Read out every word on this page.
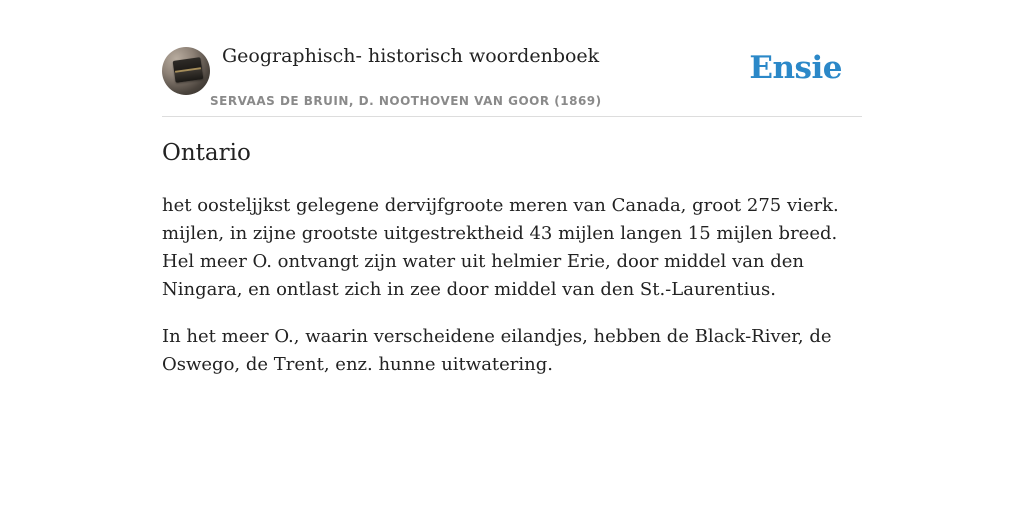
Geographisch- historisch woordenboek
SERVAAS DE BRUIN, D. NOOTHOVEN VAN GOOR (1869)
Ensie
Ontario

het oosteljjkst gelegene dervijfgroote meren van Canada, groot 275 vierk. mijlen, in zijne grootste uitgestrektheid 43 mijlen langen 15 mijlen breed. Hel meer O. ontvangt zijn water uit helmier Erie, door middel van den Ningara, en ontlast zich in zee door middel van den St.-Laurentius.

In het meer O., waarin verscheidene eilandjes, hebben de Black-River, de Oswego, de Trent, enz. hunne uitwatering.
